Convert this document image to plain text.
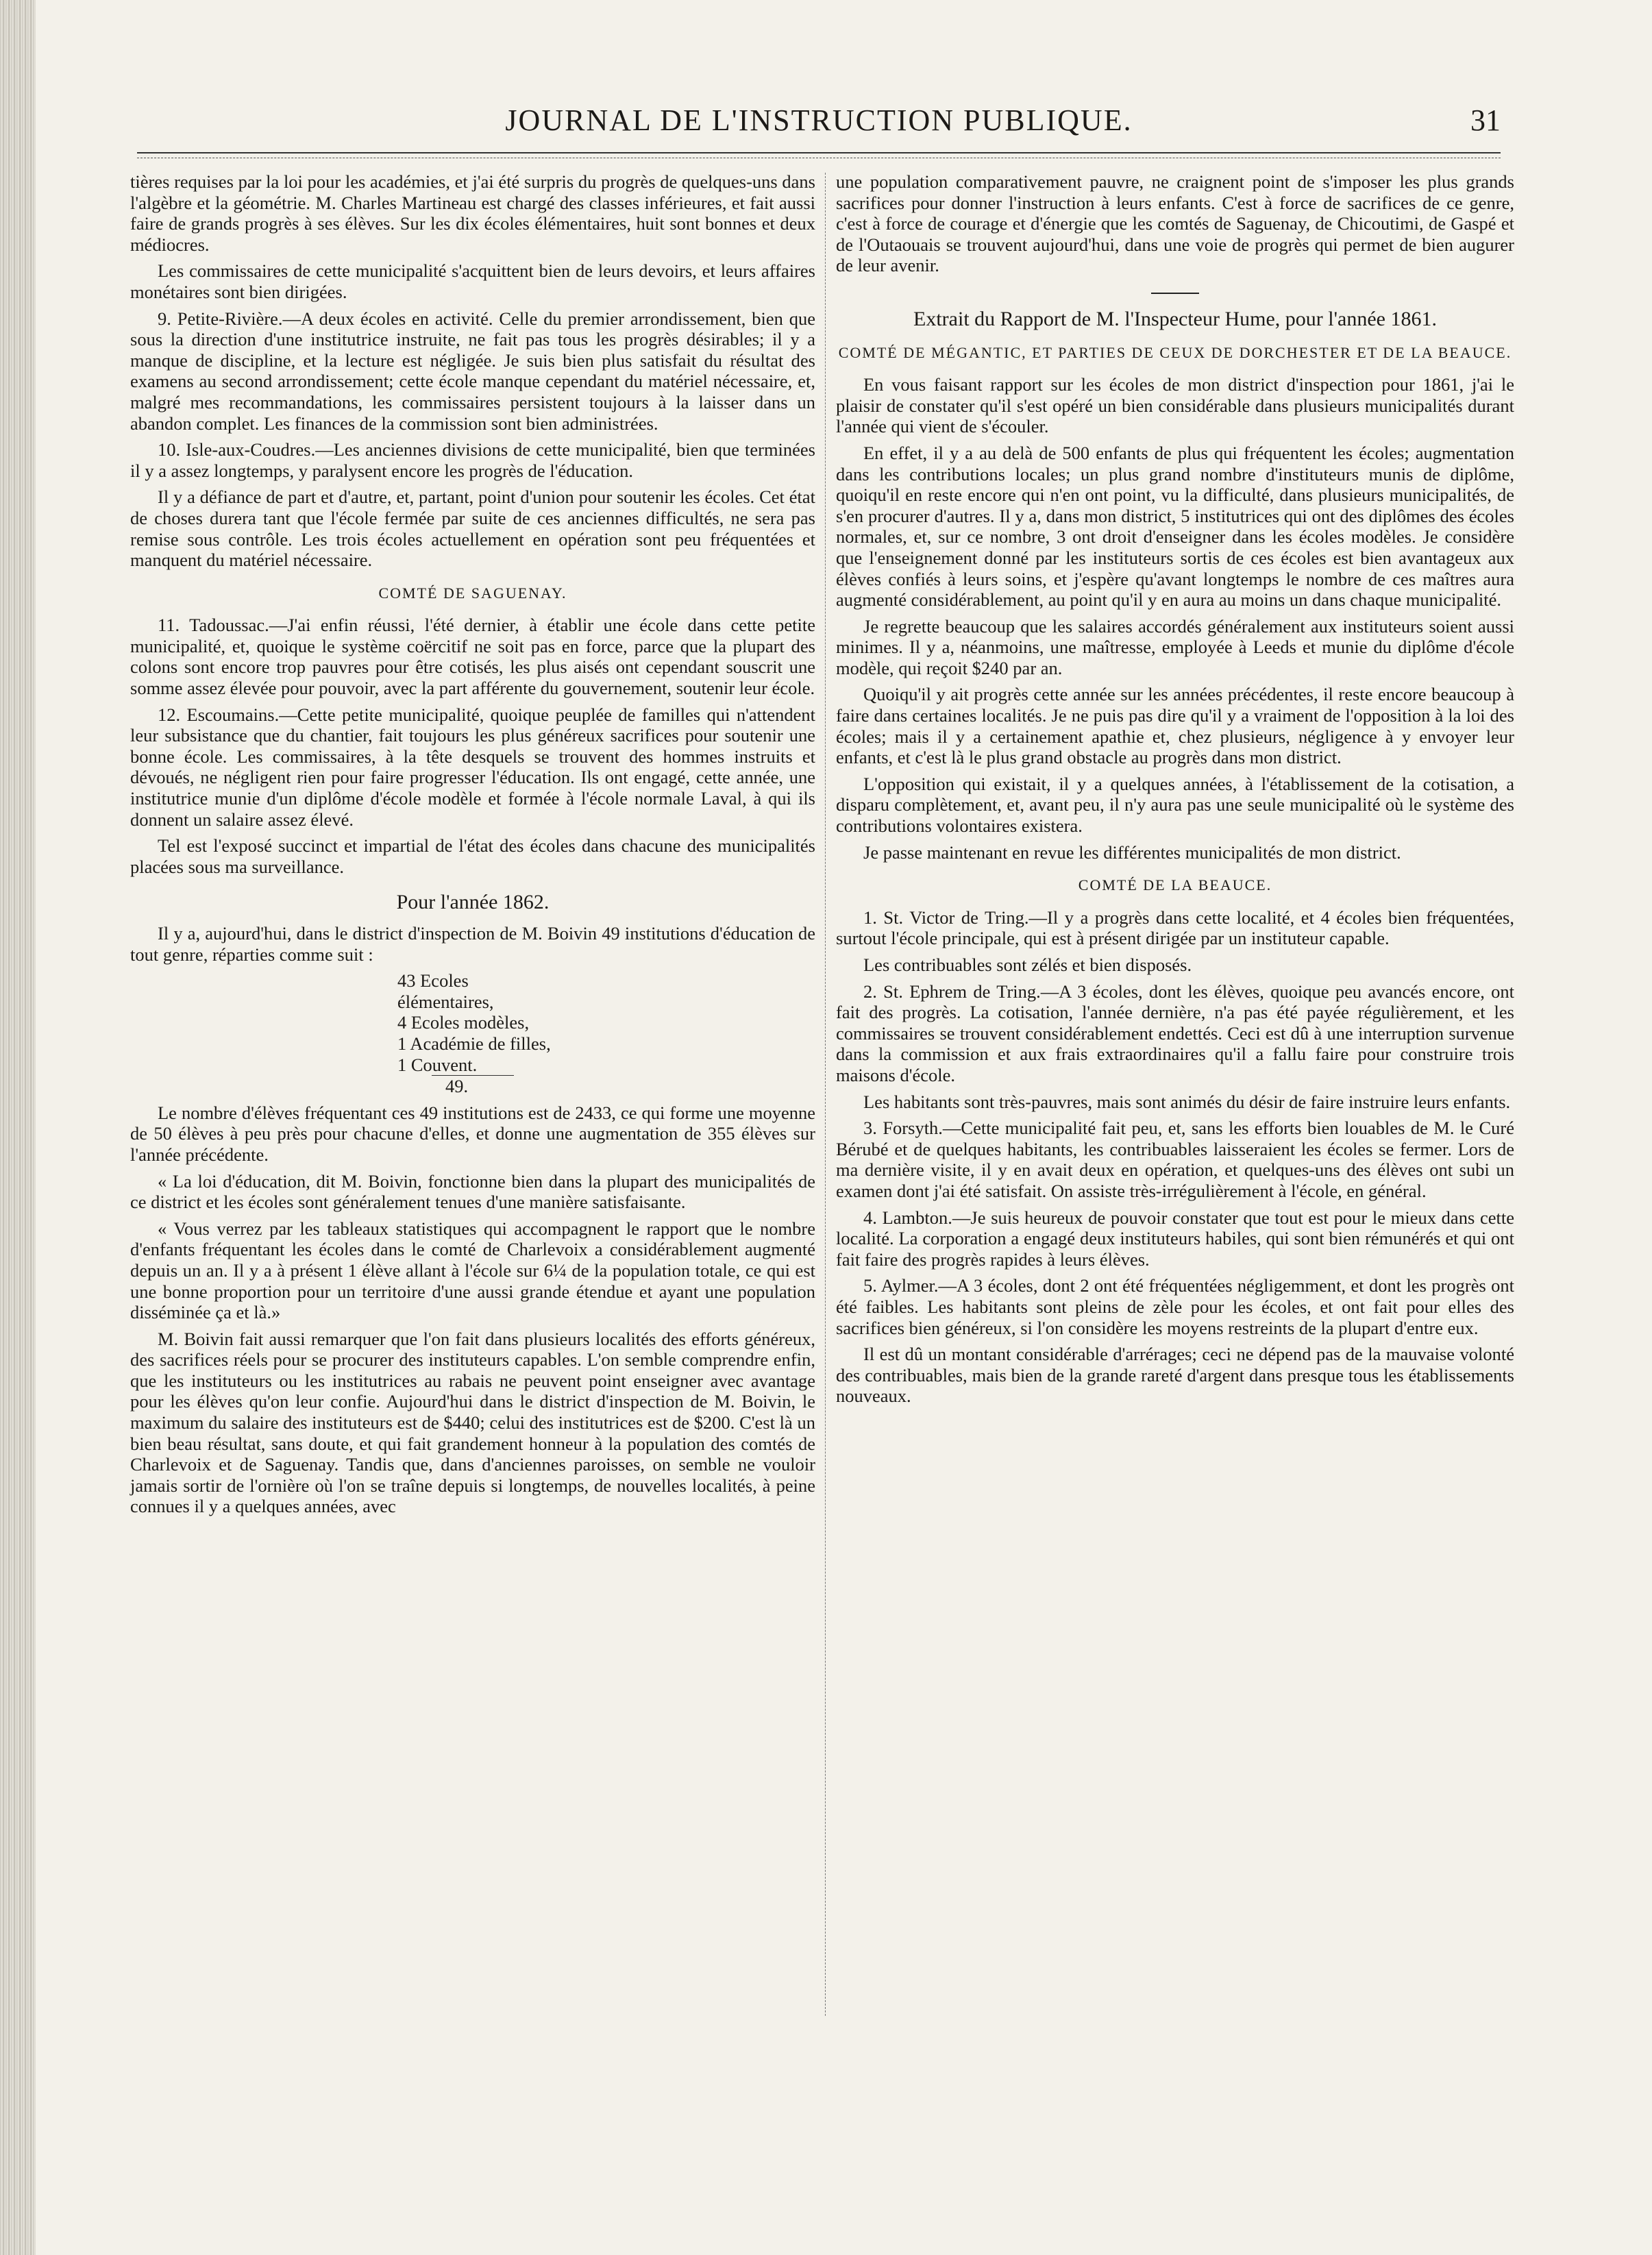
JOURNAL DE L'INSTRUCTION PUBLIQUE.	31

tières requises par la loi pour les académies, et j'ai été surpris du progrès de quelques-uns dans l'algèbre et la géométrie. M. Charles Martineau est chargé des classes inférieures, et fait aussi faire de grands progrès à ses élèves. Sur les dix écoles élémentaires, huit sont bonnes et deux médiocres.

Les commissaires de cette municipalité s'acquittent bien de leurs devoirs, et leurs affaires monétaires sont bien dirigées.

9. Petite-Rivière.—A deux écoles en activité. Celle du premier arrondissement, bien que sous la direction d'une institutrice instruite, ne fait pas tous les progrès désirables; il y a manque de discipline, et la lecture est négligée. Je suis bien plus satisfait du résultat des examens au second arrondissement; cette école manque cependant du matériel nécessaire, et, malgré mes recommandations, les commissaires persistent toujours à la laisser dans un abandon complet. Les finances de la commission sont bien administrées.

10. Isle-aux-Coudres.—Les anciennes divisions de cette municipalité, bien que terminées il y a assez longtemps, y paralysent encore les progrès de l'éducation.

Il y a défiance de part et d'autre, et, partant, point d'union pour soutenir les écoles. Cet état de choses durera tant que l'école fermée par suite de ces anciennes difficultés, ne sera pas remise sous contrôle. Les trois écoles actuellement en opération sont peu fréquentées et manquent du matériel nécessaire.

COMTÉ DE SAGUENAY.

11. Tadoussac.—J'ai enfin réussi, l'été dernier, à établir une école dans cette petite municipalité, et, quoique le système coërcitif ne soit pas en force, parce que la plupart des colons sont encore trop pauvres pour être cotisés, les plus aisés ont cependant souscrit une somme assez élevée pour pouvoir, avec la part afférente du gouvernement, soutenir leur école.

12. Escoumains.—Cette petite municipalité, quoique peuplée de familles qui n'attendent leur subsistance que du chantier, fait toujours les plus généreux sacrifices pour soutenir une bonne école. Les commissaires, à la tête desquels se trouvent des hommes instruits et dévoués, ne négligent rien pour faire progresser l'éducation. Ils ont engagé, cette année, une institutrice munie d'un diplôme d'école modèle et formée à l'école normale Laval, à qui ils donnent un salaire assez élevé.

Tel est l'exposé succinct et impartial de l'état des écoles dans chacune des municipalités placées sous ma surveillance.

Pour l'année 1862.

Il y a, aujourd'hui, dans le district d'inspection de M. Boivin 49 institutions d'éducation de tout genre, réparties comme suit :

43 Ecoles élémentaires,
4 Ecoles modèles,
1 Académie de filles,
1 Couvent.
49.

Le nombre d'élèves fréquentant ces 49 institutions est de 2433, ce qui forme une moyenne de 50 élèves à peu près pour chacune d'elles, et donne une augmentation de 355 élèves sur l'année précédente.

« La loi d'éducation, dit M. Boivin, fonctionne bien dans la plupart des municipalités de ce district et les écoles sont généralement tenues d'une manière satisfaisante.

« Vous verrez par les tableaux statistiques qui accompagnent le rapport que le nombre d'enfants fréquentant les écoles dans le comté de Charlevoix a considérablement augmenté depuis un an. Il y a à présent 1 élève allant à l'école sur 6¼ de la population totale, ce qui est une bonne proportion pour un territoire d'une aussi grande étendue et ayant une population disséminée ça et là.»

M. Boivin fait aussi remarquer que l'on fait dans plusieurs localités des efforts généreux, des sacrifices réels pour se procurer des instituteurs capables. L'on semble comprendre enfin, que les instituteurs ou les institutrices au rabais ne peuvent point enseigner avec avantage pour les élèves qu'on leur confie. Aujourd'hui dans le district d'inspection de M. Boivin, le maximum du salaire des instituteurs est de $440; celui des institutrices est de $200. C'est là un bien beau résultat, sans doute, et qui fait grandement honneur à la population des comtés de Charlevoix et de Saguenay. Tandis que, dans d'anciennes paroisses, on semble ne vouloir jamais sortir de l'ornière où l'on se traîne depuis si longtemps, de nouvelles localités, à peine connues il y a quelques années, avec

une population comparativement pauvre, ne craignent point de s'imposer les plus grands sacrifices pour donner l'instruction à leurs enfants. C'est à force de sacrifices de ce genre, c'est à force de courage et d'énergie que les comtés de Saguenay, de Chicoutimi, de Gaspé et de l'Outaouais se trouvent aujourd'hui, dans une voie de progrès qui permet de bien augurer de leur avenir.

Extrait du Rapport de M. l'Inspecteur Hume, pour l'année 1861.
COMTÉ DE MÉGANTIC, ET PARTIES DE CEUX DE DORCHESTER ET DE LA BEAUCE.

En vous faisant rapport sur les écoles de mon district d'inspection pour 1861, j'ai le plaisir de constater qu'il s'est opéré un bien considérable dans plusieurs municipalités durant l'année qui vient de s'écouler.

En effet, il y a au delà de 500 enfants de plus qui fréquentent les écoles; augmentation dans les contributions locales; un plus grand nombre d'instituteurs munis de diplôme, quoiqu'il en reste encore qui n'en ont point, vu la difficulté, dans plusieurs municipalités, de s'en procurer d'autres. Il y a, dans mon district, 5 institutrices qui ont des diplômes des écoles normales, et, sur ce nombre, 3 ont droit d'enseigner dans les écoles modèles. Je considère que l'enseignement donné par les instituteurs sortis de ces écoles est bien avantageux aux élèves confiés à leurs soins, et j'espère qu'avant longtemps le nombre de ces maîtres aura augmenté considérablement, au point qu'il y en aura au moins un dans chaque municipalité.

Je regrette beaucoup que les salaires accordés généralement aux instituteurs soient aussi minimes. Il y a, néanmoins, une maîtresse, employée à Leeds et munie du diplôme d'école modèle, qui reçoit $240 par an.

Quoiqu'il y ait progrès cette année sur les années précédentes, il reste encore beaucoup à faire dans certaines localités. Je ne puis pas dire qu'il y a vraiment de l'opposition à la loi des écoles; mais il y a certainement apathie et, chez plusieurs, négligence à y envoyer leur enfants, et c'est là le plus grand obstacle au progrès dans mon district.

L'opposition qui existait, il y a quelques années, à l'établissement de la cotisation, a disparu complètement, et, avant peu, il n'y aura pas une seule municipalité où le système des contributions volontaires existera.

Je passe maintenant en revue les différentes municipalités de mon district.

COMTÉ DE LA BEAUCE.

1. St. Victor de Tring.—Il y a progrès dans cette localité, et 4 écoles bien fréquentées, surtout l'école principale, qui est à présent dirigée par un instituteur capable.

Les contribuables sont zélés et bien disposés.

2. St. Ephrem de Tring.—A 3 écoles, dont les élèves, quoique peu avancés encore, ont fait des progrès. La cotisation, l'année dernière, n'a pas été payée régulièrement, et les commissaires se trouvent considérablement endettés. Ceci est dû à une interruption survenue dans la commission et aux frais extraordinaires qu'il a fallu faire pour construire trois maisons d'école.

Les habitants sont très-pauvres, mais sont animés du désir de faire instruire leurs enfants.

3. Forsyth.—Cette municipalité fait peu, et, sans les efforts bien louables de M. le Curé Bérubé et de quelques habitants, les contribuables laisseraient les écoles se fermer. Lors de ma dernière visite, il y en avait deux en opération, et quelques-uns des élèves ont subi un examen dont j'ai été satisfait. On assiste très-irrégulièrement à l'école, en général.

4. Lambton.—Je suis heureux de pouvoir constater que tout est pour le mieux dans cette localité. La corporation a engagé deux instituteurs habiles, qui sont bien rémunérés et qui ont fait faire des progrès rapides à leurs élèves.

5. Aylmer.—A 3 écoles, dont 2 ont été fréquentées négligemment, et dont les progrès ont été faibles. Les habitants sont pleins de zèle pour les écoles, et ont fait pour elles des sacrifices bien généreux, si l'on considère les moyens restreints de la plupart d'entre eux.

Il est dû un montant considérable d'arrérages; ceci ne dépend pas de la mauvaise volonté des contribuables, mais bien de la grande rareté d'argent dans presque tous les établissements nouveaux.
